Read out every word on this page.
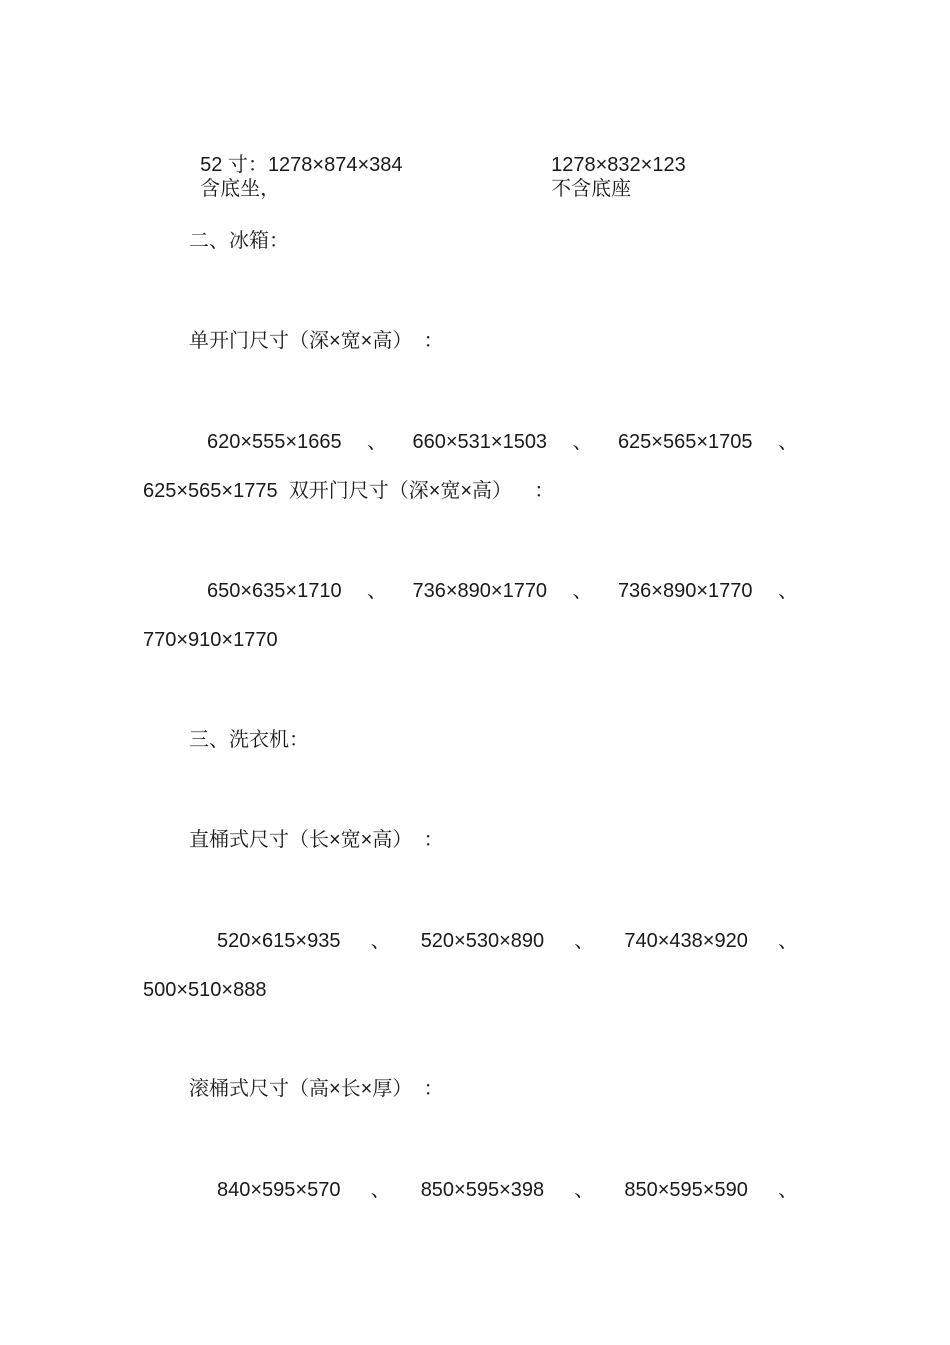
52 寸：1278×874×384
含底坐，

1278×832×123
不含底座

二、冰箱：
单开门尺寸（深×宽×高）  ：
620×555×1665 、 660×531×1503 、 625×565×1705 、
625×565×1775  双开门尺寸（深×宽×高）    ：
650×635×1710 、 736×890×1770 、 736×890×1770 、
770×910×1770
三、洗衣机：
直桶式尺寸（长×宽×高）  ：
520×615×935 、 520×530×890 、 740×438×920 、
500×510×888
滚桶式尺寸（高×长×厚）  ：
840×595×570 、 850×595×398 、 850×595×590 、
